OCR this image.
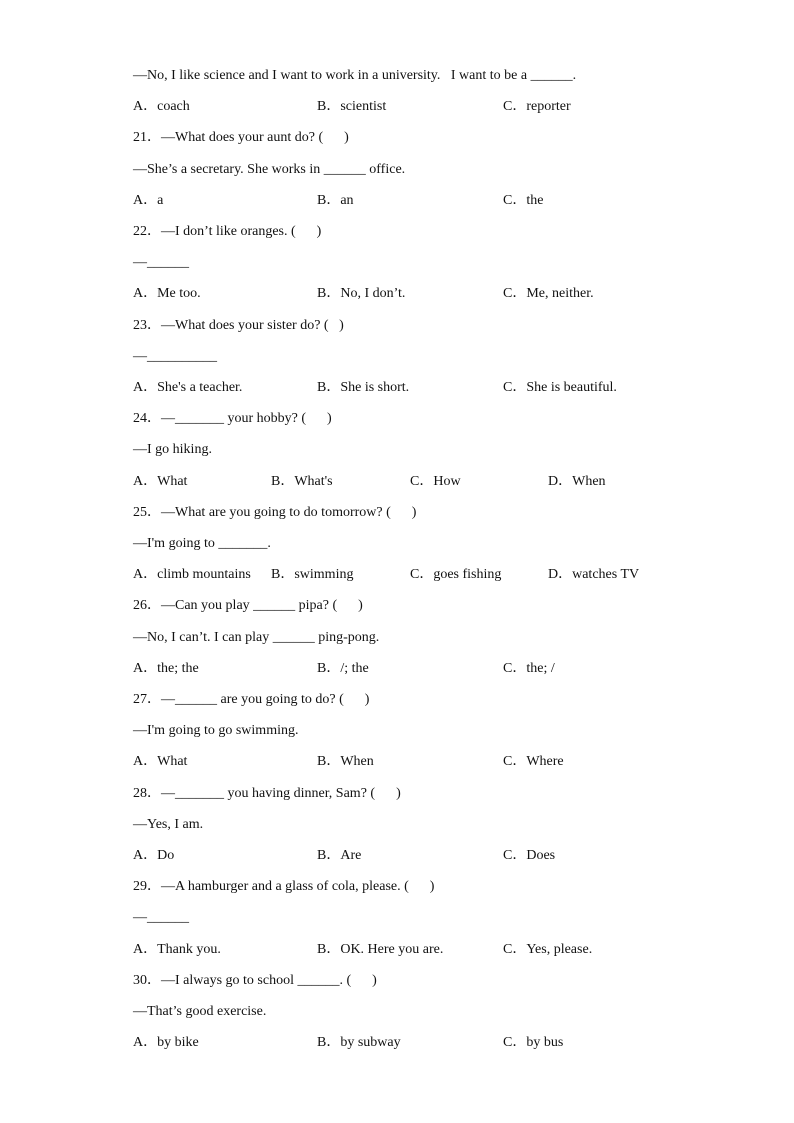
—No, I like science and I want to work in a university.   I want to be a ______.
A．coach	B．scientist	C．reporter
21．—What does your aunt do? (      )
—She’s a secretary. She works in ______ office.
A．a	B．an	C．the
22．—I don’t like oranges. (      )
—______
A．Me too.	B．No, I don’t.	C．Me, neither.
23．—What does your sister do? (   )
—__________
A．She's a teacher.	B．She is short.	C．She is beautiful.
24．—_______ your hobby? (      )
—I go hiking.
A．What	B．What's	C．How	D．When
25．—What are you going to do tomorrow? (      )
—I'm going to _______.
A．climb mountains B．swimming	C．goes fishing	D．watches TV
26．—Can you play ______ pipa? (      )
—No, I can’t. I can play ______ ping-pong.
A．the; the	B．/; the	C．the; /
27．—______ are you going to do? (      )
—I'm going to go swimming.
A．What	B．When	C．Where
28．—_______ you having dinner, Sam? (      )
—Yes, I am.
A．Do	B．Are	C．Does
29．—A hamburger and a glass of cola, please. (      )
—______
A．Thank you.	B．OK. Here you are.	C．Yes, please.
30．—I always go to school ______. (      )
—That’s good exercise.
A．by bike	B．by subway	C．by bus
